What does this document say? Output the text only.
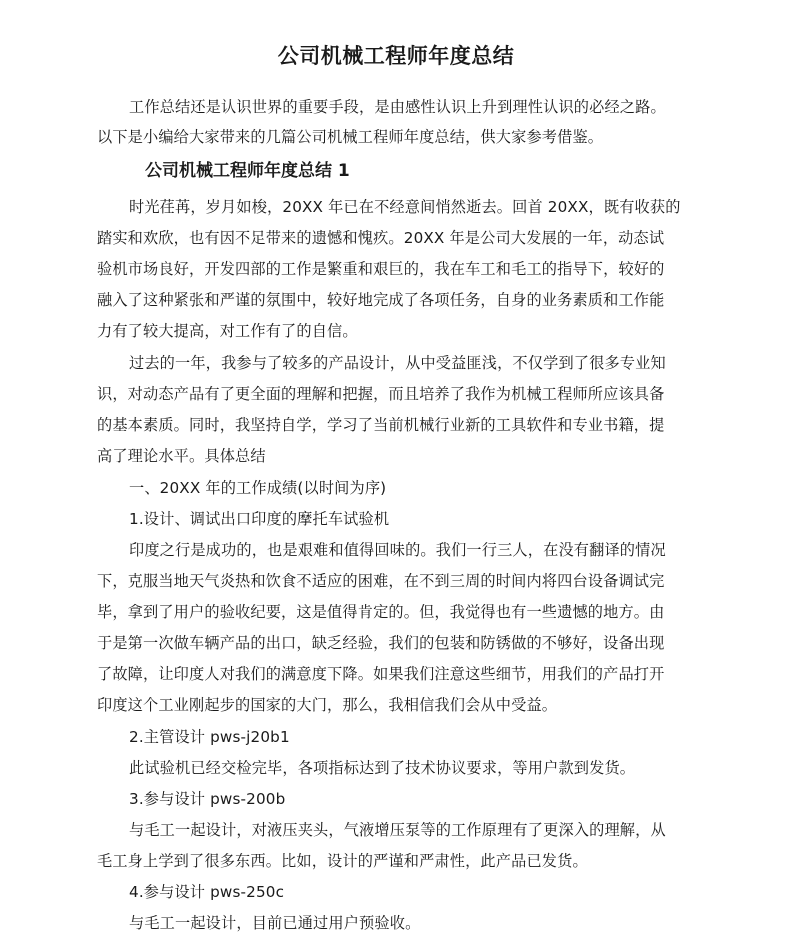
公司机械工程师年度总结
工作总结还是认识世界的重要手段，是由感性认识上升到理性认识的必经之路。
以下是小编给大家带来的几篇公司机械工程师年度总结，供大家参考借鉴。
公司机械工程师年度总结 1
时光荏苒，岁月如梭，20XX 年已在不经意间悄然逝去。回首 20XX，既有收获的
踏实和欢欣，也有因不足带来的遗憾和愧疚。20XX 年是公司大发展的一年，动态试
验机市场良好，开发四部的工作是繁重和艰巨的，我在车工和毛工的指导下，较好的
融入了这种紧张和严谨的氛围中，较好地完成了各项任务，自身的业务素质和工作能
力有了较大提高，对工作有了的自信。
过去的一年，我参与了较多的产品设计，从中受益匪浅，不仅学到了很多专业知
识，对动态产品有了更全面的理解和把握，而且培养了我作为机械工程师所应该具备
的基本素质。同时，我坚持自学，学习了当前机械行业新的工具软件和专业书籍，提
高了理论水平。具体总结
一、20XX 年的工作成绩(以时间为序)
1.设计、调试出口印度的摩托车试验机
印度之行是成功的，也是艰难和值得回味的。我们一行三人，在没有翻译的情况
下，克服当地天气炎热和饮食不适应的困难，在不到三周的时间内将四台设备调试完
毕，拿到了用户的验收纪要，这是值得肯定的。但，我觉得也有一些遗憾的地方。由
于是第一次做车辆产品的出口，缺乏经验，我们的包装和防锈做的不够好，设备出现
了故障，让印度人对我们的满意度下降。如果我们注意这些细节，用我们的产品打开
印度这个工业刚起步的国家的大门，那么，我相信我们会从中受益。
2.主管设计 pws-j20b1
此试验机已经交检完毕，各项指标达到了技术协议要求，等用户款到发货。
3.参与设计 pws-200b
与毛工一起设计，对液压夹头，气液增压泵等的工作原理有了更深入的理解，从
毛工身上学到了很多东西。比如，设计的严谨和严肃性，此产品已发货。
4.参与设计 pws-250c
与毛工一起设计，目前已通过用户预验收。
